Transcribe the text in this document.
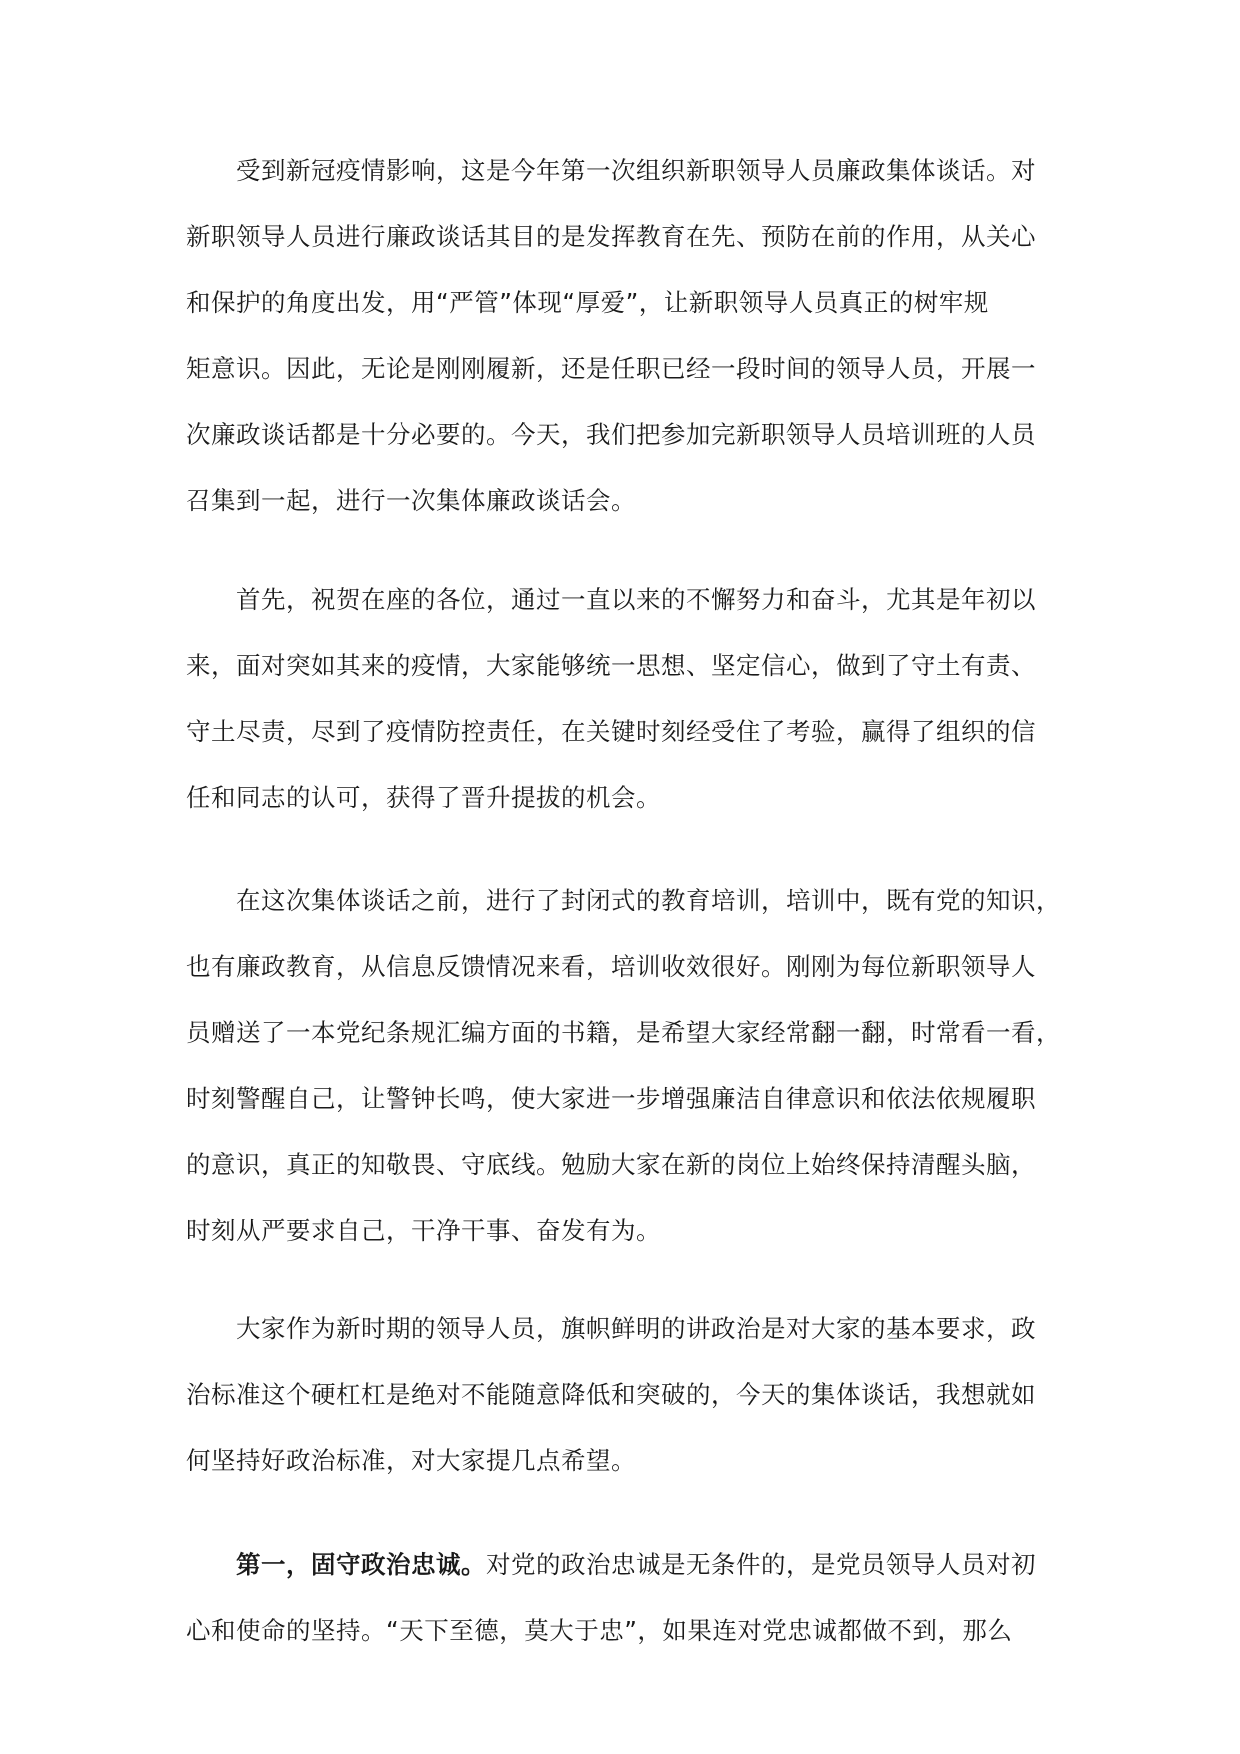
受到新冠疫情影响，这是今年第一次组织新职领导人员廉政集体谈话。对
新职领导人员进行廉政谈话其目的是发挥教育在先、预防在前的作用，从关心
和保护的角度出发，用“严管”体现“厚爱”，让新职领导人员真正的树牢规
矩意识。因此，无论是刚刚履新，还是任职已经一段时间的领导人员，开展一
次廉政谈话都是十分必要的。今天，我们把参加完新职领导人员培训班的人员
召集到一起，进行一次集体廉政谈话会。
首先，祝贺在座的各位，通过一直以来的不懈努力和奋斗，尤其是年初以
来，面对突如其来的疫情，大家能够统一思想、坚定信心，做到了守土有责、
守土尽责，尽到了疫情防控责任，在关键时刻经受住了考验，赢得了组织的信
任和同志的认可，获得了晋升提拔的机会。
在这次集体谈话之前，进行了封闭式的教育培训，培训中，既有党的知识，
也有廉政教育，从信息反馈情况来看，培训收效很好。刚刚为每位新职领导人
员赠送了一本党纪条规汇编方面的书籍，是希望大家经常翻一翻，时常看一看，
时刻警醒自己，让警钟长鸣，使大家进一步增强廉洁自律意识和依法依规履职
的意识，真正的知敬畏、守底线。勉励大家在新的岗位上始终保持清醒头脑，
时刻从严要求自己，干净干事、奋发有为。
大家作为新时期的领导人员，旗帜鲜明的讲政治是对大家的基本要求，政
治标准这个硬杠杠是绝对不能随意降低和突破的，今天的集体谈话，我想就如
何坚持好政治标准，对大家提几点希望。
第一，固守政治忠诚。对党的政治忠诚是无条件的，是党员领导人员对初
心和使命的坚持。“天下至德，莫大于忠”，如果连对党忠诚都做不到，那么
